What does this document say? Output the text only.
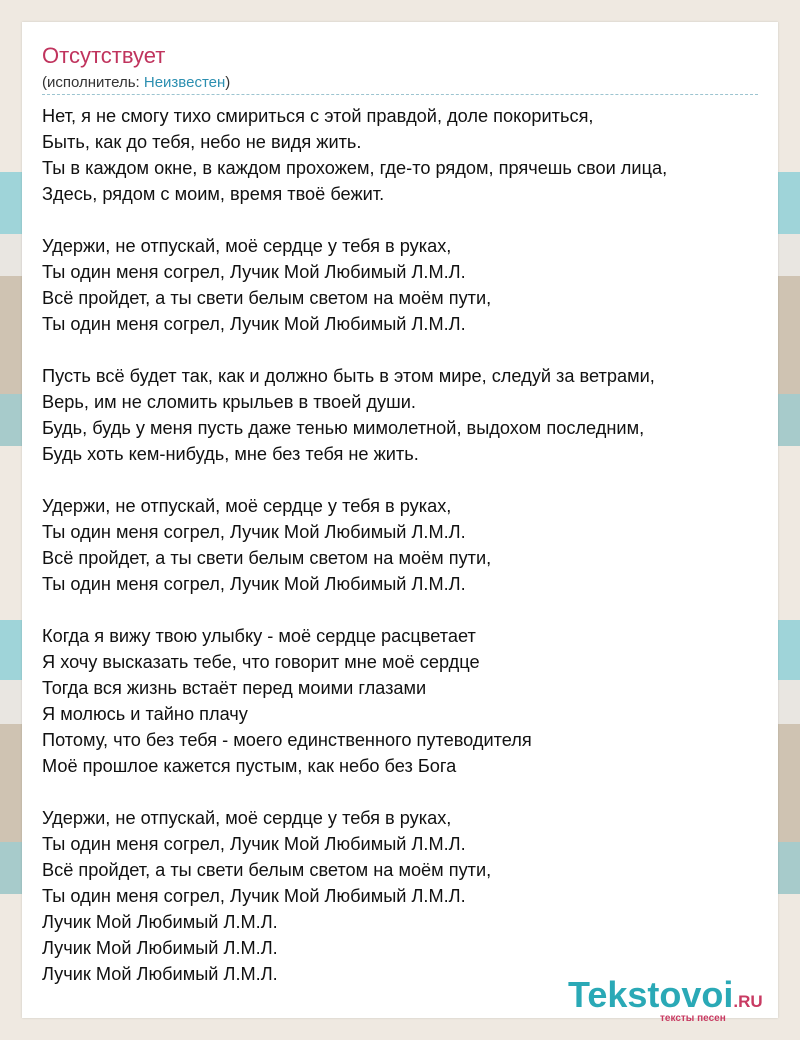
Отсутствует
(исполнитель: Неизвестен)
Нет, я не смогу тихо смириться с этой правдой, доле покориться,
Быть, как до тебя, небо не видя жить.
Ты в каждом окне, в каждом прохожем, где-то рядом, прячешь свои лица,
Здесь, рядом с моим, время твоё бежит.
Удержи, не отпускай, моё сердце у тебя в руках,
Ты один меня согрел, Лучик Мой Любимый Л.М.Л.
Всё пройдет, а ты свети белым светом на моём пути,
Ты один меня согрел, Лучик Мой Любимый Л.М.Л.
Пусть всё будет так, как и должно быть в этом мире, следуй за ветрами,
Верь, им не сломить крыльев в твоей души.
Будь, будь у меня пусть даже тенью мимолетной, выдохом последним,
Будь хоть кем-нибудь, мне без тебя не жить.
Удержи, не отпускай, моё сердце у тебя в руках,
Ты один меня согрел, Лучик Мой Любимый Л.М.Л.
Всё пройдет, а ты свети белым светом на моём пути,
Ты один меня согрел, Лучик Мой Любимый Л.М.Л.
Когда я вижу твою улыбку - моё сердце расцветает
Я хочу высказать тебе, что говорит мне моё сердце
Тогда вся жизнь встаёт перед моими глазами
Я молюсь и тайно плачу
Потому, что без тебя - моего единственного путеводителя
Моё прошлое кажется пустым, как небо без Бога
Удержи, не отпускай, моё сердце у тебя в руках,
Ты один меня согрел, Лучик Мой Любимый Л.М.Л.
Всё пройдет, а ты свети белым светом на моём пути,
Ты один меня согрел, Лучик Мой Любимый Л.М.Л.
Лучик Мой Любимый Л.М.Л.
Лучик Мой Любимый Л.М.Л.
Лучик Мой Любимый Л.М.Л.	Tekstovoi.RU
тексты песен
